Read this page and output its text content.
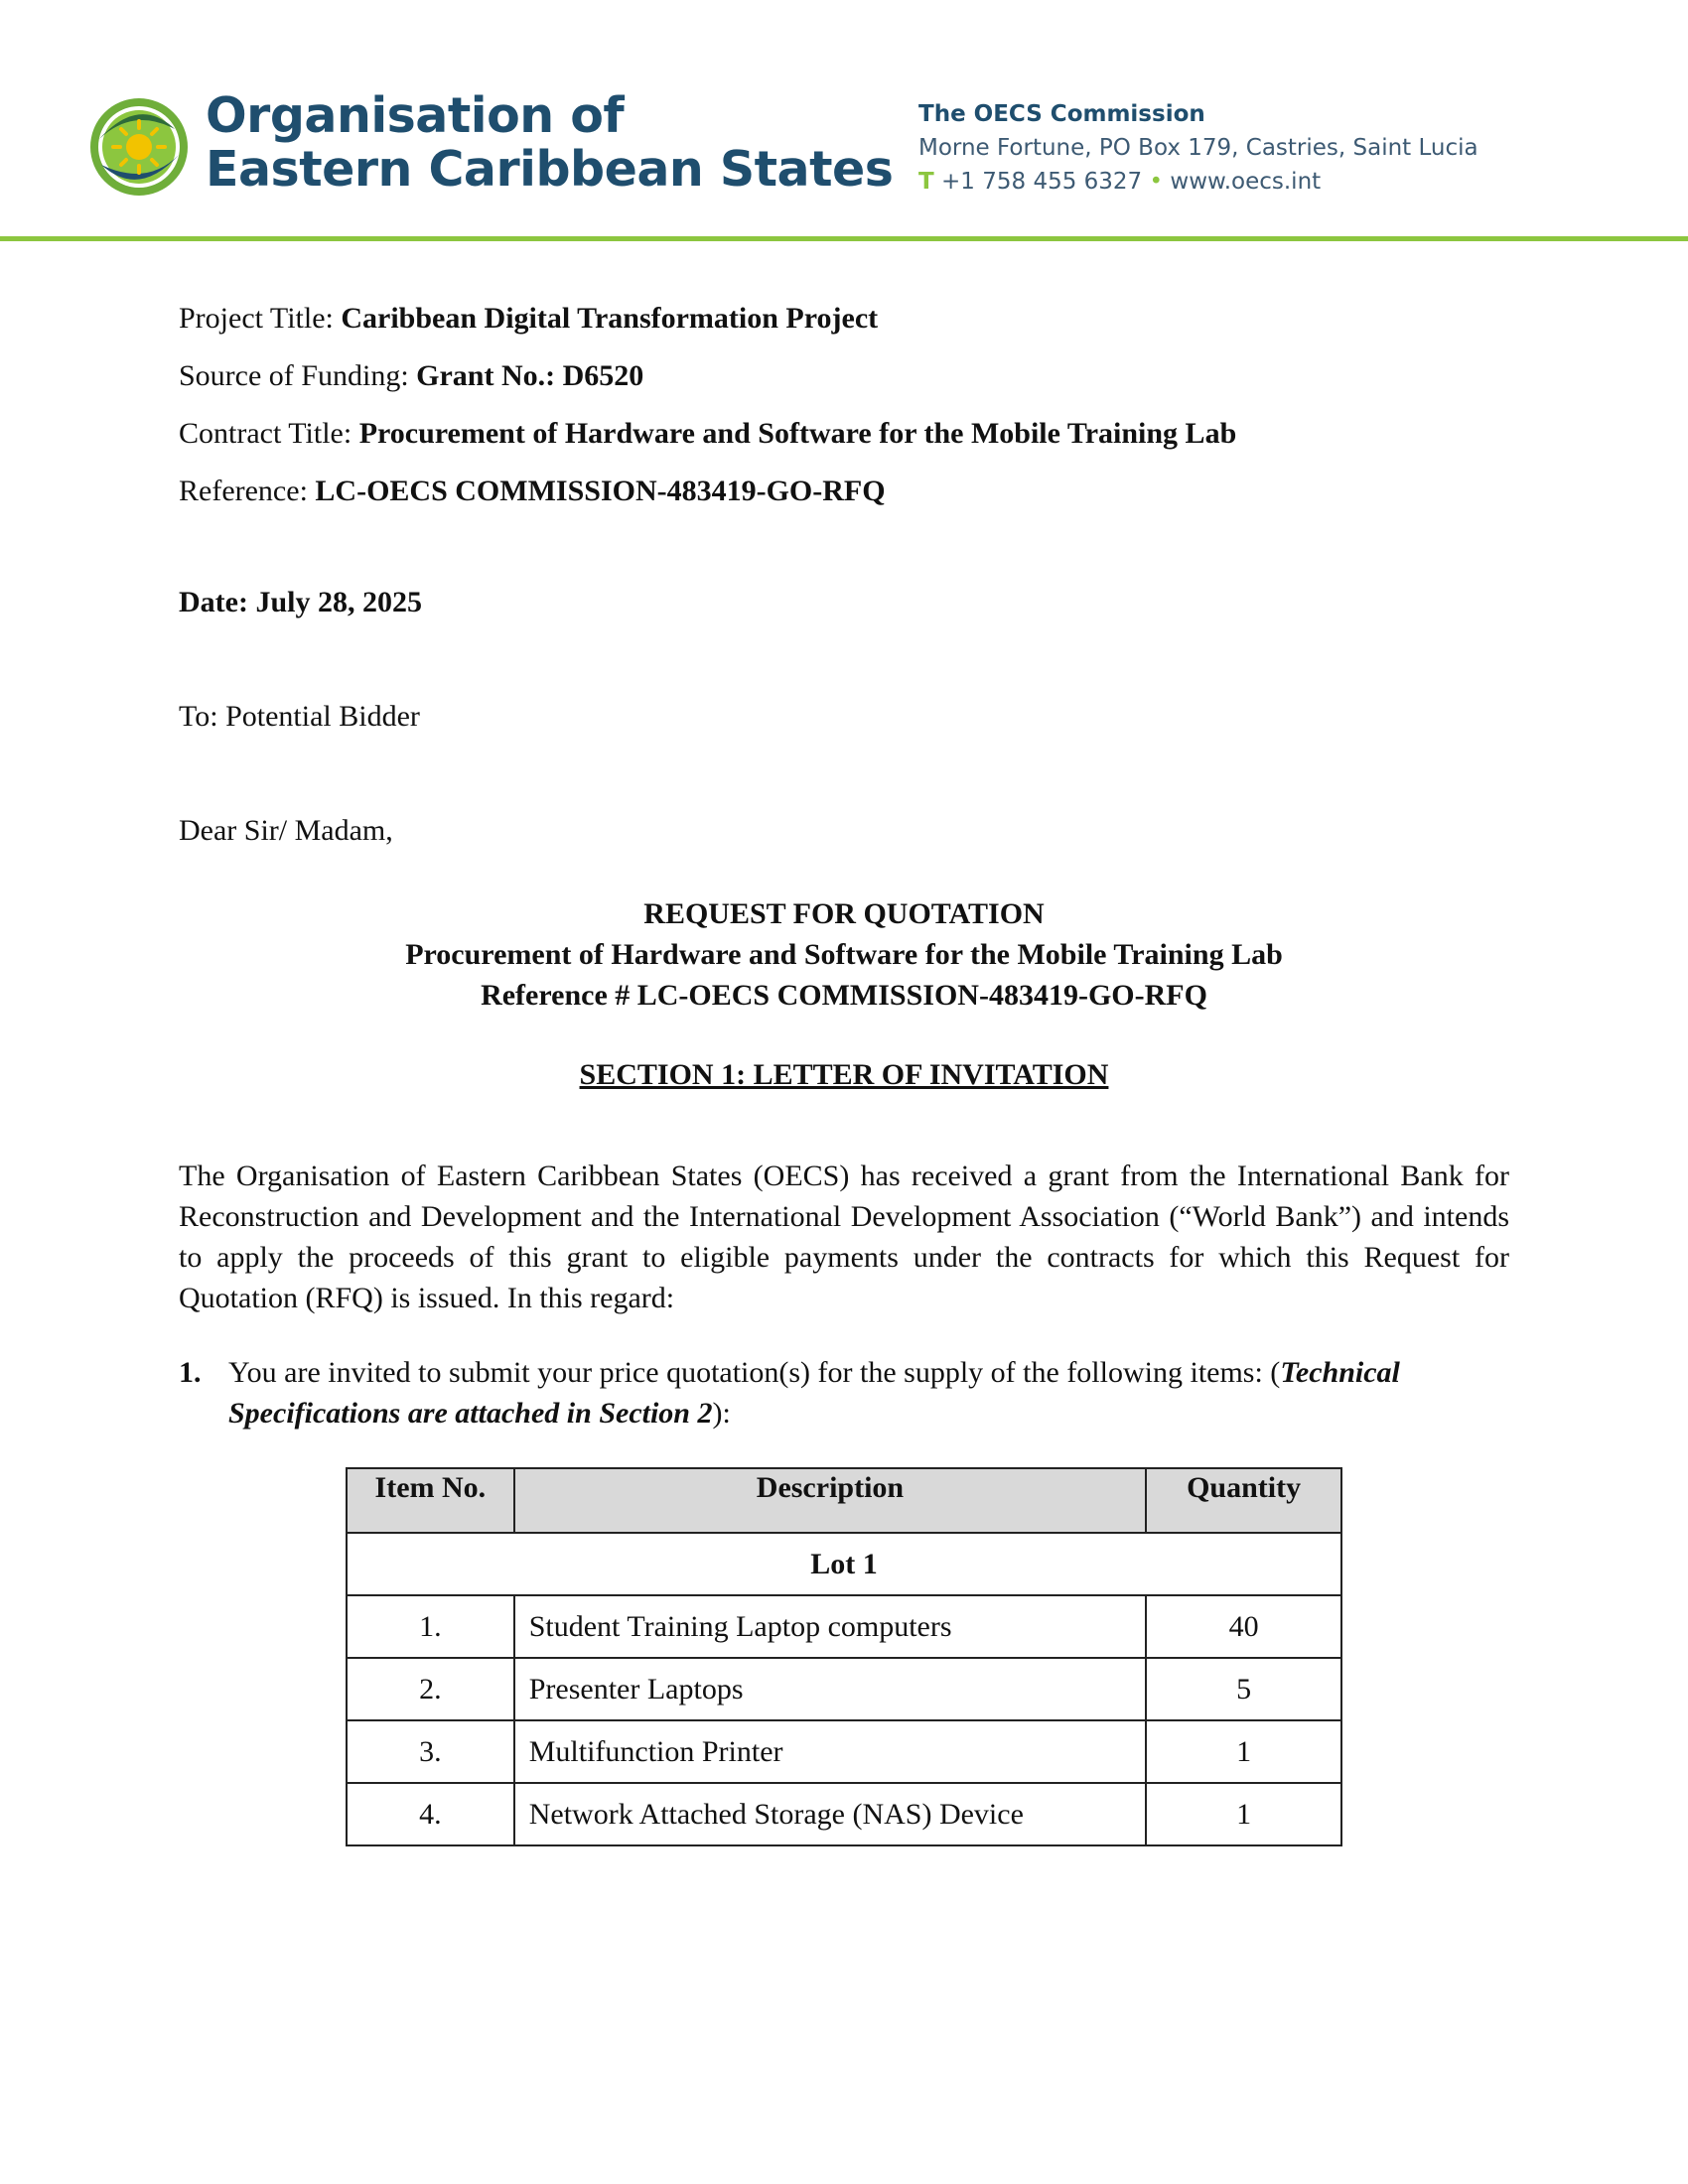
Organisation of
Eastern Caribbean States
The OECS Commission
Morne Fortune, PO Box 179, Castries, Saint Lucia
T +1 758 455 6327 • www.oecs.int
Project Title: Caribbean Digital Transformation Project
Source of Funding: Grant No.: D6520
Contract Title: Procurement of Hardware and Software for the Mobile Training Lab
Reference: LC-OECS COMMISSION-483419-GO-RFQ
Date: July 28, 2025
To: Potential Bidder
Dear Sir/ Madam,
REQUEST FOR QUOTATION
Procurement of Hardware and Software for the Mobile Training Lab
Reference # LC-OECS COMMISSION-483419-GO-RFQ
SECTION 1: LETTER OF INVITATION
The Organisation of Eastern Caribbean States (OECS) has received a grant from the International Bank for Reconstruction and Development and the International Development Association (“World Bank”) and intends to apply the proceeds of this grant to eligible payments under the contracts for which this Request for Quotation (RFQ) is issued. In this regard:
1. You are invited to submit your price quotation(s) for the supply of the following items: (Technical Specifications are attached in Section 2):
Item No.	Description	Quantity
Lot 1		
1.	Student Training Laptop computers	40
2.	Presenter Laptops	5
3.	Multifunction Printer	1
4.	Network Attached Storage (NAS) Device	1
